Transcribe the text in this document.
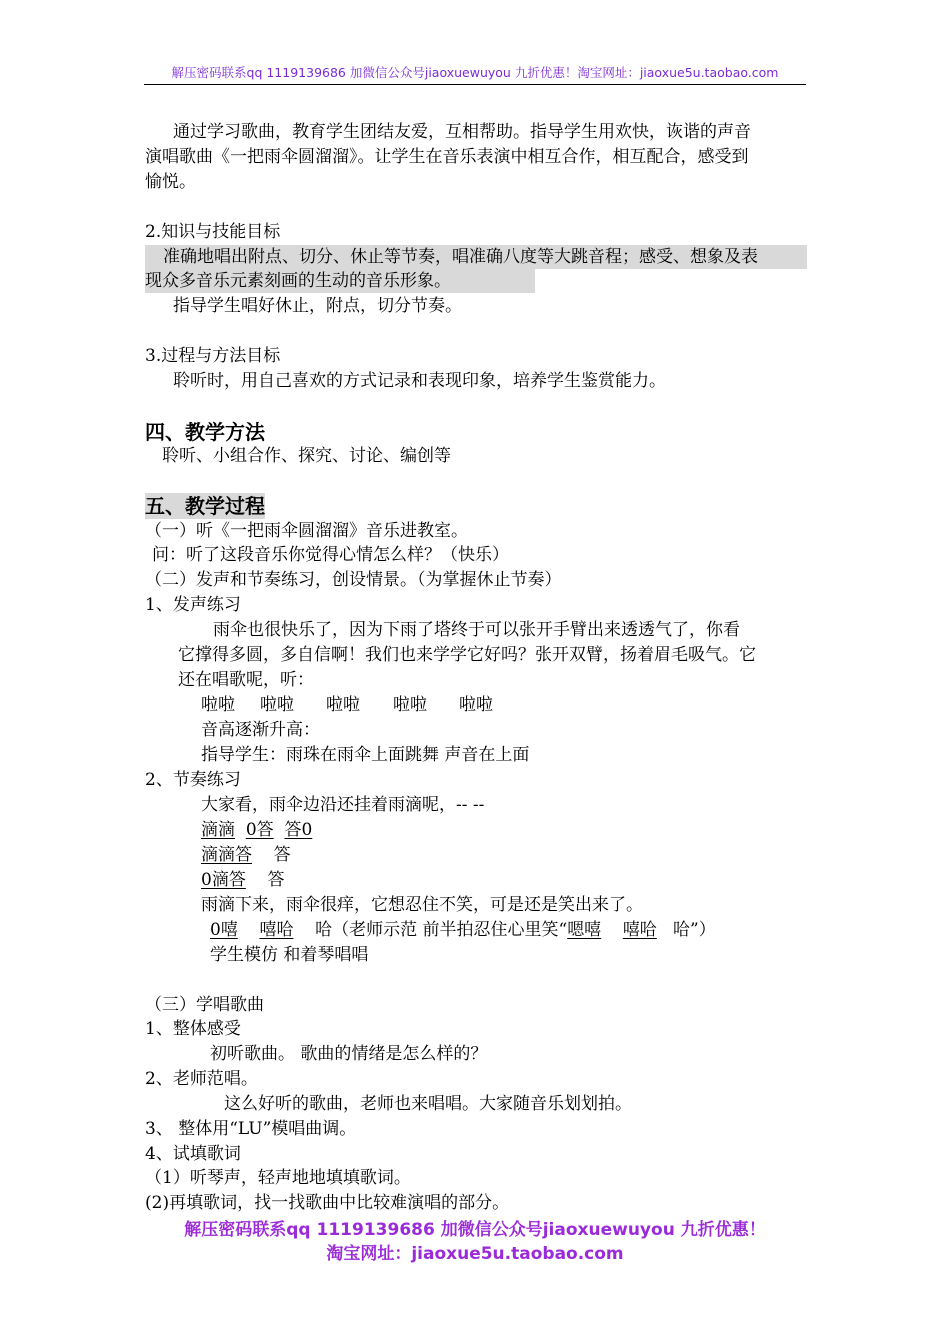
解压密码联系qq 1119139686 加微信公众号jiaoxuewuyou 九折优惠！淘宝网址：jiaoxue5u.taobao.com
通过学习歌曲，教育学生团结友爱，互相帮助。指导学生用欢快，诙谐的声音
演唱歌曲《一把雨伞圆溜溜》。让学生在音乐表演中相互合作，相互配合，感受到
愉悦。
2.知识与技能目标
准确地唱出附点、切分、休止等节奏，唱准确八度等大跳音程；感受、想象及表
现众多音乐元素刻画的生动的音乐形象。
指导学生唱好休止，附点，切分节奏。
3.过程与方法目标
聆听时，用自己喜欢的方式记录和表现印象，培养学生鉴赏能力。
四、教学方法
聆听、小组合作、探究、讨论、编创等
五、教学过程
（一）听《一把雨伞圆溜溜》音乐进教室。
问：听了这段音乐你觉得心情怎么样？（快乐）
（二）发声和节奏练习，创设情景。（为掌握休止节奏）
1、发声练习
雨伞也很快乐了，因为下雨了塔终于可以张开手臂出来透透气了，你看
它撑得多圆，多自信啊！我们也来学学它好吗？张开双臂，扬着眉毛吸气。它
还在唱歌呢，听：
啦啦 啦啦 啦啦 啦啦 啦啦
音高逐渐升高：
指导学生：雨珠在雨伞上面跳舞 声音在上面
2、节奏练习
大家看，雨伞边沿还挂着雨滴呢，-- --
滴滴 0答 答0
滴滴答 答
0滴答 答
雨滴下来，雨伞很痒，它想忍住不笑，可是还是笑出来了。
0嘻 嘻哈 哈（老师示范 前半拍忍住心里笑“嗯嘻 嘻哈 哈”）
学生模仿 和着琴唱唱
（三）学唱歌曲
1、整体感受
初听歌曲。 歌曲的情绪是怎么样的？
2、老师范唱。
这么好听的歌曲，老师也来唱唱。大家随音乐划划拍。
3、 整体用“LU”模唱曲调。
4、试填歌词
（1）听琴声，轻声地地填填歌词。
(2)再填歌词，找一找歌曲中比较难演唱的部分。
解压密码联系qq 1119139686 加微信公众号jiaoxuewuyou 九折优惠！
淘宝网址：jiaoxue5u.taobao.com
